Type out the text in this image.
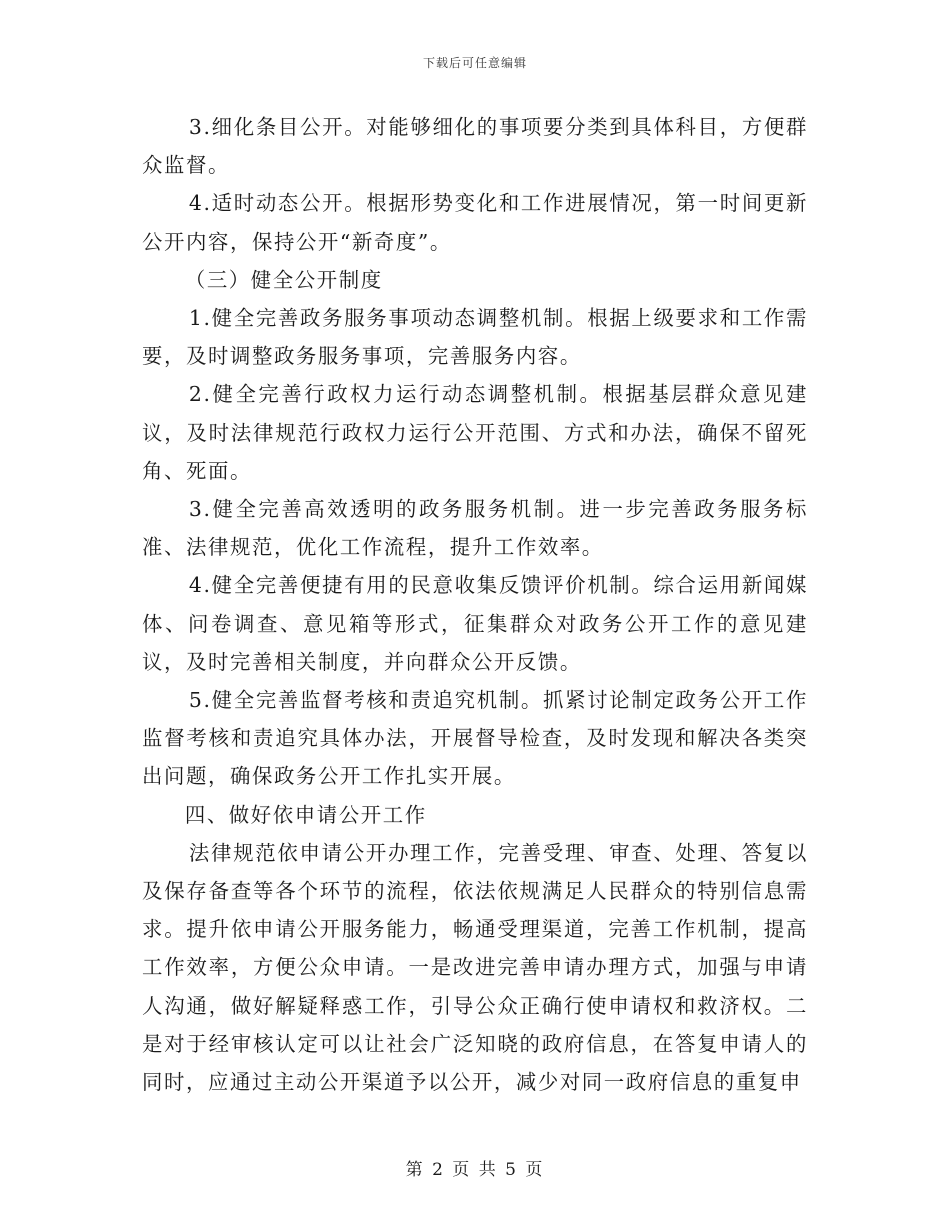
下载后可任意编辑

3.细化条目公开。对能够细化的事项要分类到具体科目，方便群众监督。

4.适时动态公开。根据形势变化和工作进展情况，第一时间更新公开内容，保持公开“新奇度”。

（三）健全公开制度

1.健全完善政务服务事项动态调整机制。根据上级要求和工作需要，及时调整政务服务事项，完善服务内容。

2.健全完善行政权力运行动态调整机制。根据基层群众意见建议，及时法律规范行政权力运行公开范围、方式和办法，确保不留死角、死面。

3.健全完善高效透明的政务服务机制。进一步完善政务服务标准、法律规范，优化工作流程，提升工作效率。

4.健全完善便捷有用的民意收集反馈评价机制。综合运用新闻媒体、问卷调查、意见箱等形式，征集群众对政务公开工作的意见建议，及时完善相关制度，并向群众公开反馈。

5.健全完善监督考核和责追究机制。抓紧讨论制定政务公开工作监督考核和责追究具体办法，开展督导检查，及时发现和解决各类突出问题，确保政务公开工作扎实开展。

四、做好依申请公开工作

法律规范依申请公开办理工作，完善受理、审查、处理、答复以及保存备查等各个环节的流程，依法依规满足人民群众的特别信息需求。提升依申请公开服务能力，畅通受理渠道，完善工作机制，提高工作效率，方便公众申请。一是改进完善申请办理方式，加强与申请人沟通，做好解疑释惑工作，引导公众正确行使申请权和救济权。二是对于经审核认定可以让社会广泛知晓的政府信息，在答复申请人的同时，应通过主动公开渠道予以公开，减少对同一政府信息的重复申

第 2 页 共 5 页
